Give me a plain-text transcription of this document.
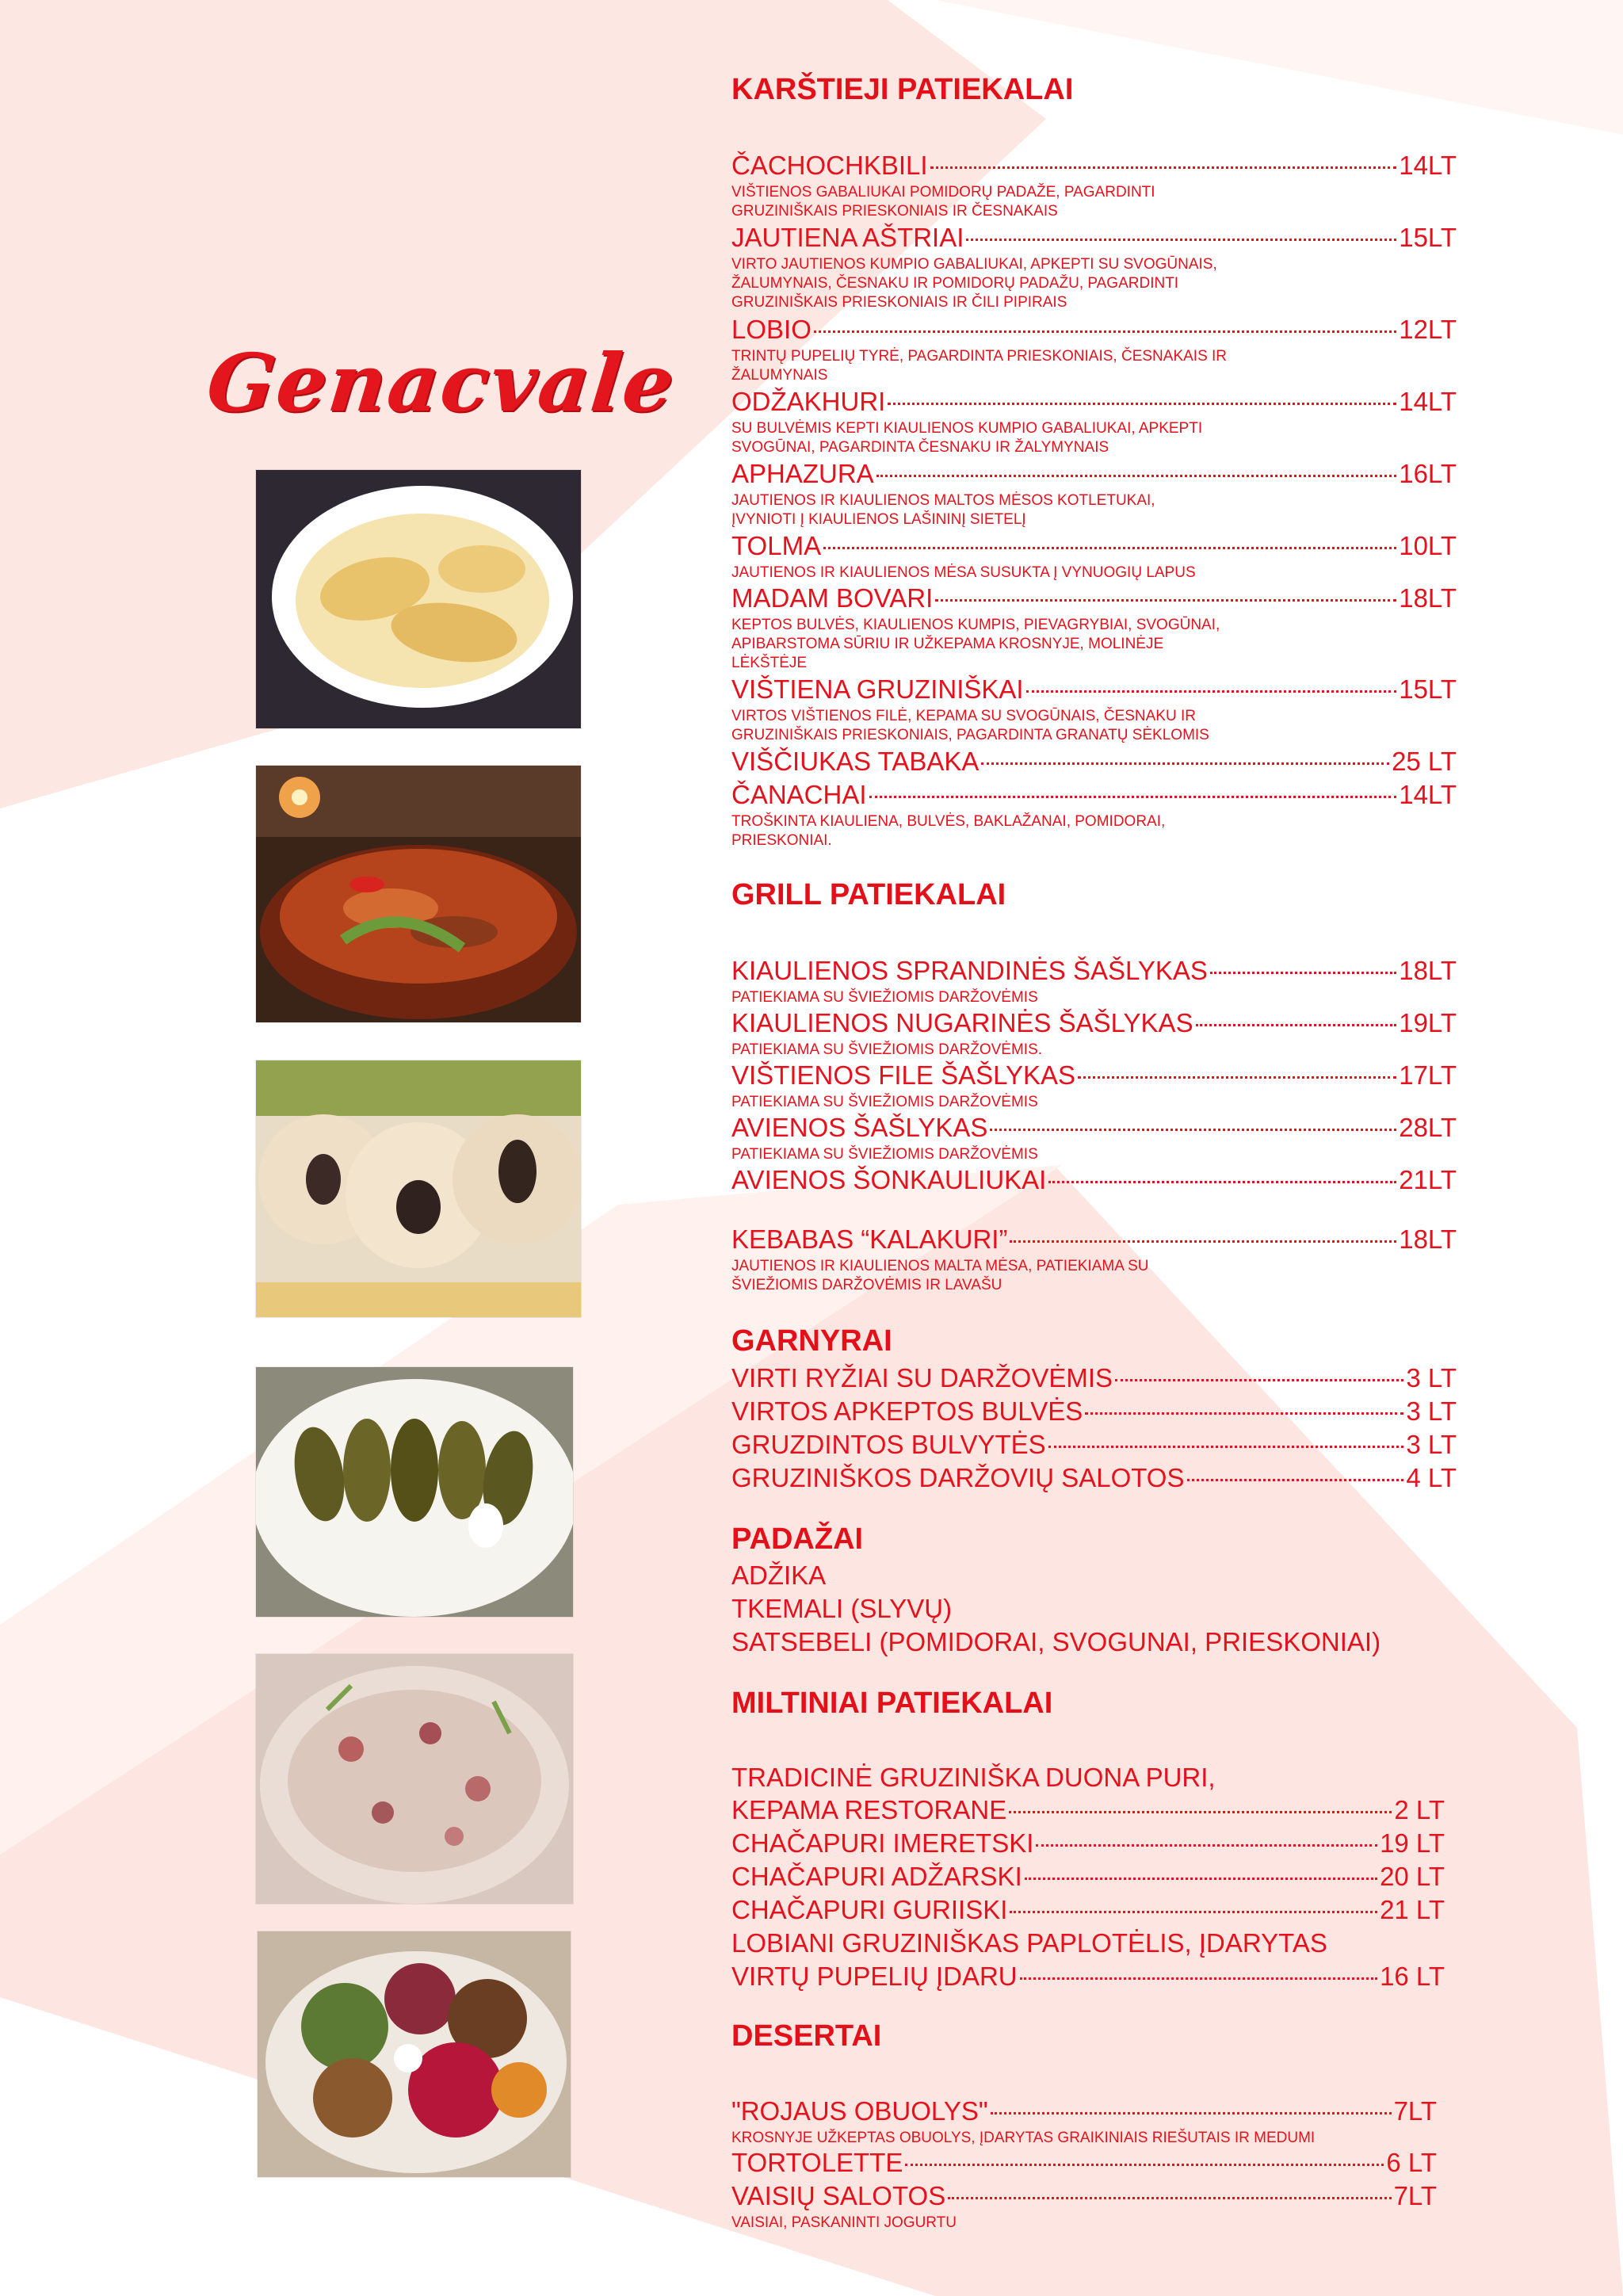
Genacvale
KARŠTIEJI PATIEKALAI
ČACHOCHKBILI	14LT
VIŠTIENOS GABALIUKAI POMIDORŲ PADAŽE, PAGARDINTI GRUZINIŠKAIS PRIESKONIAIS IR ČESNAKAIS
JAUTIENA AŠTRIAI	15LT
VIRTO JAUTIENOS KUMPIO GABALIUKAI, APKEPTI SU SVOGŪNAIS, ŽALUMYNAIS, ČESNAKU IR POMIDORŲ PADAŽU, PAGARDINTI GRUZINIŠKAIS PRIESKONIAIS IR ČILI PIPIRAIS
LOBIO	12LT
TRINTŲ PUPELIŲ TYRĖ, PAGARDINTA PRIESKONIAIS, ČESNAKAIS IR ŽALUMYNAIS
ODŽAKHURI	14LT
SU BULVĖMIS KEPTI KIAULIENOS KUMPIO GABALIUKAI, APKEPTI SVOGŪNAI, PAGARDINTA ČESNAKU IR ŽALYMYNAIS
APHAZURA	16LT
JAUTIENOS IR KIAULIENOS MALTOS MĖSOS KOTLETUKAI, ĮVYNIOTI Į KIAULIENOS LAŠININĮ SIETELĮ
TOLMA	10LT
JAUTIENOS IR KIAULIENOS MĖSA SUSUKTA Į VYNUOGIŲ LAPUS
MADAM BOVARI	18LT
KEPTOS BULVĖS, KIAULIENOS KUMPIS, PIEVAGRYBIAI, SVOGŪNAI, APIBARSTOMA SŪRIU IR UŽKEPAMA KROSNYJE, MOLINĖJE LĖKŠTĖJE
VIŠTIENA GRUZINIŠKAI	15LT
VIRTOS VIŠTIENOS FILĖ, KEPAMA SU SVOGŪNAIS, ČESNAKU IR GRUZINIŠKAIS PRIESKONIAIS, PAGARDINTA GRANATŲ SĖKLOMIS
VIŠČIUKAS TABAKA	25 LT
ČANACHAI	14LT
TROŠKINTA KIAULIENA, BULVĖS, BAKLAŽANAI, POMIDORAI, PRIESKONIAI.
GRILL PATIEKALAI
KIAULIENOS SPRANDINĖS ŠAŠLYKAS	18LT
PATIEKIAMA SU ŠVIEŽIOMIS DARŽOVĖMIS
KIAULIENOS NUGARINĖS ŠAŠLYKAS	19LT
PATIEKIAMA SU ŠVIEŽIOMIS DARŽOVĖMIS.
VIŠTIENOS FILE ŠAŠLYKAS	17LT
PATIEKIAMA SU ŠVIEŽIOMIS DARŽOVĖMIS
AVIENOS ŠAŠLYKAS	28LT
PATIEKIAMA SU ŠVIEŽIOMIS DARŽOVĖMIS
AVIENOS ŠONKAULIUKAI	21LT
KEBABAS “KALAKURI”	18LT
JAUTIENOS IR KIAULIENOS MALTA MĖSA, PATIEKIAMA SU ŠVIEŽIOMIS DARŽOVĖMIS IR LAVAŠU
GARNYRAI
VIRTI RYŽIAI SU DARŽOVĖMIS	3 LT
VIRTOS APKEPTOS BULVĖS	3 LT
GRUZDINTOS BULVYTĖS	3 LT
GRUZINIŠKOS DARŽOVIŲ SALOTOS	4 LT
PADAŽAI
ADŽIKA
TKEMALI (SLYVŲ)
SATSEBELI (POMIDORAI, SVOGUNAI, PRIESKONIAI)
MILTINIAI PATIEKALAI
TRADICINĖ GRUZINIŠKA DUONA PURI,
KEPAMA RESTORANE	2 LT
CHAČAPURI IMERETSKI	19 LT
CHAČAPURI ADŽARSKI	20 LT
CHAČAPURI GURIISKI	21 LT
LOBIANI GRUZINIŠKAS PAPLOTĖLIS, ĮDARYTAS
VIRTŲ PUPELIŲ ĮDARU	16 LT
DESERTAI
"ROJAUS OBUOLYS"	7LT
KROSNYJE UŽKEPTAS OBUOLYS, ĮDARYTAS GRAIKINIAIS RIEŠUTAIS IR MEDUMI
TORTOLETTE	6 LT
VAISIŲ SALOTOS	7LT
VAISIAI, PASKANINTI JOGURTU
